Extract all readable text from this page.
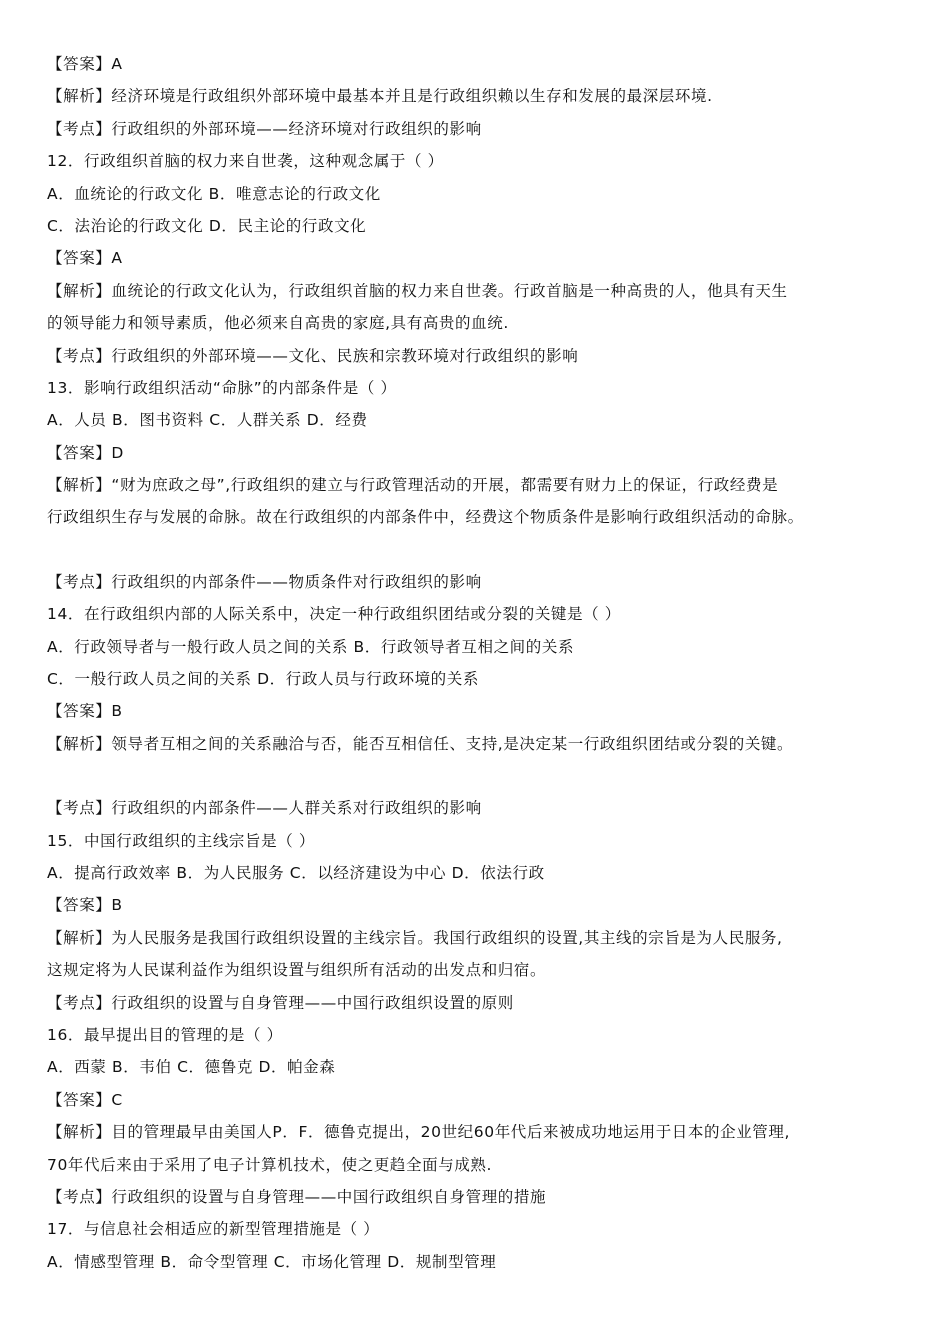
【答案】A
【解析】经济环境是行政组织外部环境中最基本并且是行政组织赖以生存和发展的最深层环境.
【考点】行政组织的外部环境——经济环境对行政组织的影响
12．行政组织首脑的权力来自世袭，这种观念属于（ ）
A．血统论的行政文化 B．唯意志论的行政文化
C．法治论的行政文化 D．民主论的行政文化
【答案】A
【解析】血统论的行政文化认为，行政组织首脑的权力来自世袭。行政首脑是一种高贵的人，他具有天生
的领导能力和领导素质，他必须来自高贵的家庭,具有高贵的血统.
【考点】行政组织的外部环境——文化、民族和宗教环境对行政组织的影响
13．影响行政组织活动“命脉”的内部条件是（ ）
A．人员 B．图书资料 C．人群关系 D．经费
【答案】D
【解析】“财为庶政之母”,行政组织的建立与行政管理活动的开展，都需要有财力上的保证，行政经费是
行政组织生存与发展的命脉。故在行政组织的内部条件中，经费这个物质条件是影响行政组织活动的命脉。
【考点】行政组织的内部条件——物质条件对行政组织的影响
14．在行政组织内部的人际关系中，决定一种行政组织团结或分裂的关键是（ ）
A．行政领导者与一般行政人员之间的关系 B．行政领导者互相之间的关系
C．一般行政人员之间的关系 D．行政人员与行政环境的关系
【答案】B
【解析】领导者互相之间的关系融洽与否，能否互相信任、支持,是决定某一行政组织团结或分裂的关键。
【考点】行政组织的内部条件——人群关系对行政组织的影响
15．中国行政组织的主线宗旨是（ ）
A．提高行政效率 B．为人民服务 C．以经济建设为中心 D．依法行政
【答案】B
【解析】为人民服务是我国行政组织设置的主线宗旨。我国行政组织的设置,其主线的宗旨是为人民服务,
这规定将为人民谋利益作为组织设置与组织所有活动的出发点和归宿。
【考点】行政组织的设置与自身管理——中国行政组织设置的原则
16．最早提出目的管理的是（ ）
A．西蒙 B．韦伯 C．德鲁克 D．帕金森
【答案】C
【解析】目的管理最早由美国人P．F．德鲁克提出，20世纪60年代后来被成功地运用于日本的企业管理,
70年代后来由于采用了电子计算机技术，使之更趋全面与成熟.
【考点】行政组织的设置与自身管理——中国行政组织自身管理的措施
17．与信息社会相适应的新型管理措施是（ ）
A．情感型管理 B．命令型管理 C．市场化管理 D．规制型管理
